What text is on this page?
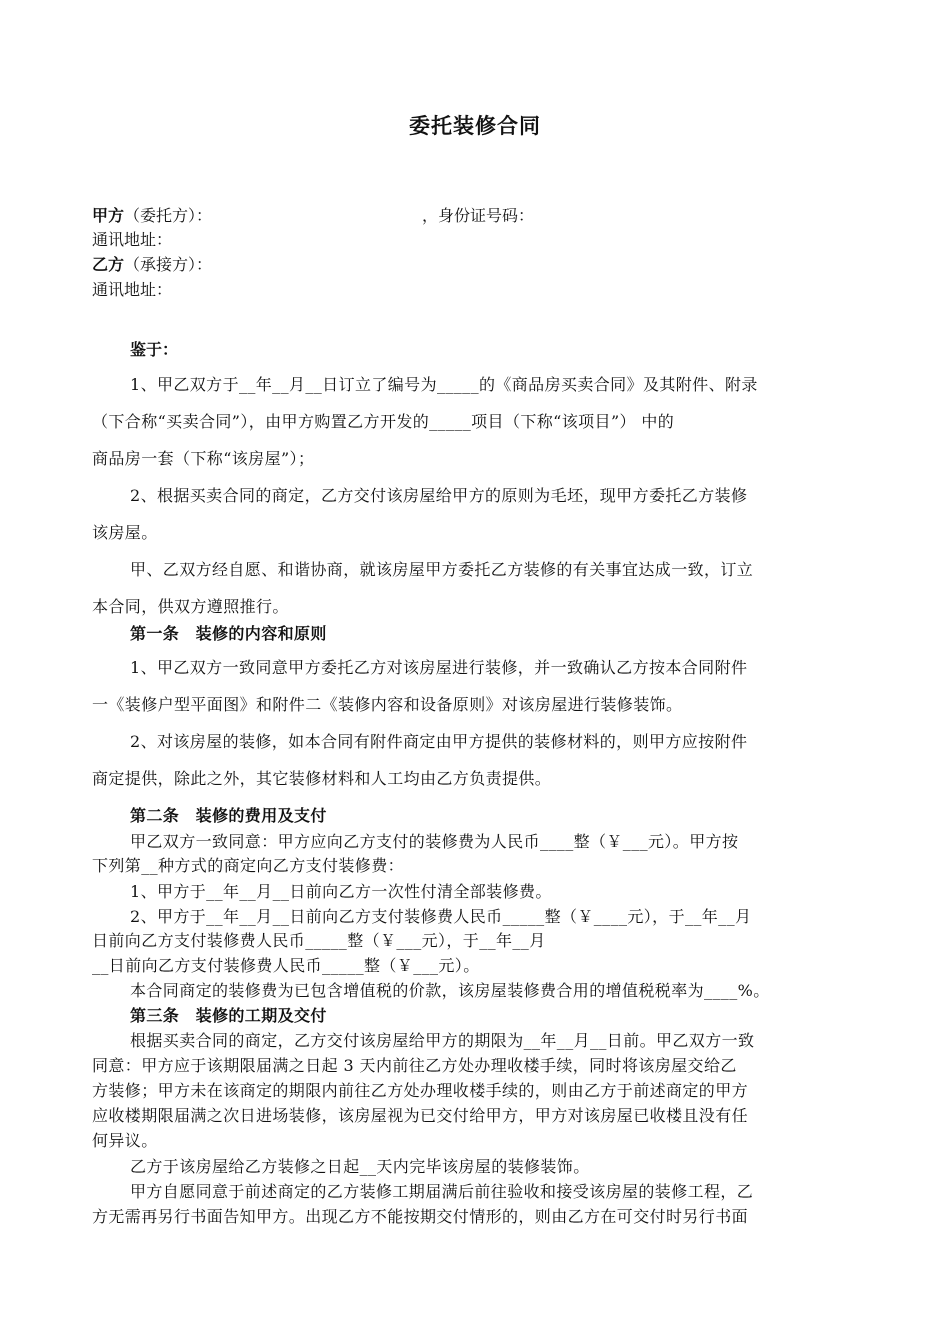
委托装修合同
甲方（委托方）：	，身份证号码：
通讯地址：
乙方（承接方）：
通讯地址：
鉴于：
1、甲乙双方于__年__月__日订立了编号为_____的《商品房买卖合同》及其附件、附录
（下合称“买卖合同”），由甲方购置乙方开发的_____项目（下称“该项目”） 中的
商品房一套（下称“该房屋”）；
2、根据买卖合同的商定，乙方交付该房屋给甲方的原则为毛坯，现甲方委托乙方装修
该房屋。
甲、乙双方经自愿、和谐协商，就该房屋甲方委托乙方装修的有关事宜达成一致，订立
本合同，供双方遵照推行。
第一条　装修的内容和原则
1、甲乙双方一致同意甲方委托乙方对该房屋进行装修，并一致确认乙方按本合同附件
一《装修户型平面图》和附件二《装修内容和设备原则》对该房屋进行装修装饰。
2、对该房屋的装修，如本合同有附件商定由甲方提供的装修材料的，则甲方应按附件
商定提供，除此之外，其它装修材料和人工均由乙方负责提供。
第二条　装修的费用及支付
甲乙双方一致同意：甲方应向乙方支付的装修费为人民币____整（￥___元）。甲方按
下列第__种方式的商定向乙方支付装修费：
1、甲方于__年__月__日前向乙方一次性付清全部装修费。
2、甲方于__年__月__日前向乙方支付装修费人民币_____整（￥____元），于__年__月
日前向乙方支付装修费人民币_____整（￥___元），于__年__月
__日前向乙方支付装修费人民币_____整（￥___元）。
本合同商定的装修费为已包含增值税的价款，该房屋装修费合用的增值税税率为____%。
第三条　装修的工期及交付
根据买卖合同的商定，乙方交付该房屋给甲方的期限为__年__月__日前。甲乙双方一致
同意：甲方应于该期限届满之日起 3 天内前往乙方处办理收楼手续，同时将该房屋交给乙
方装修；甲方未在该商定的期限内前往乙方处办理收楼手续的，则由乙方于前述商定的甲方
应收楼期限届满之次日进场装修，该房屋视为已交付给甲方，甲方对该房屋已收楼且没有任
何异议。
乙方于该房屋给乙方装修之日起__天内完毕该房屋的装修装饰。
甲方自愿同意于前述商定的乙方装修工期届满后前往验收和接受该房屋的装修工程，乙
方无需再另行书面告知甲方。出现乙方不能按期交付情形的，则由乙方在可交付时另行书面
